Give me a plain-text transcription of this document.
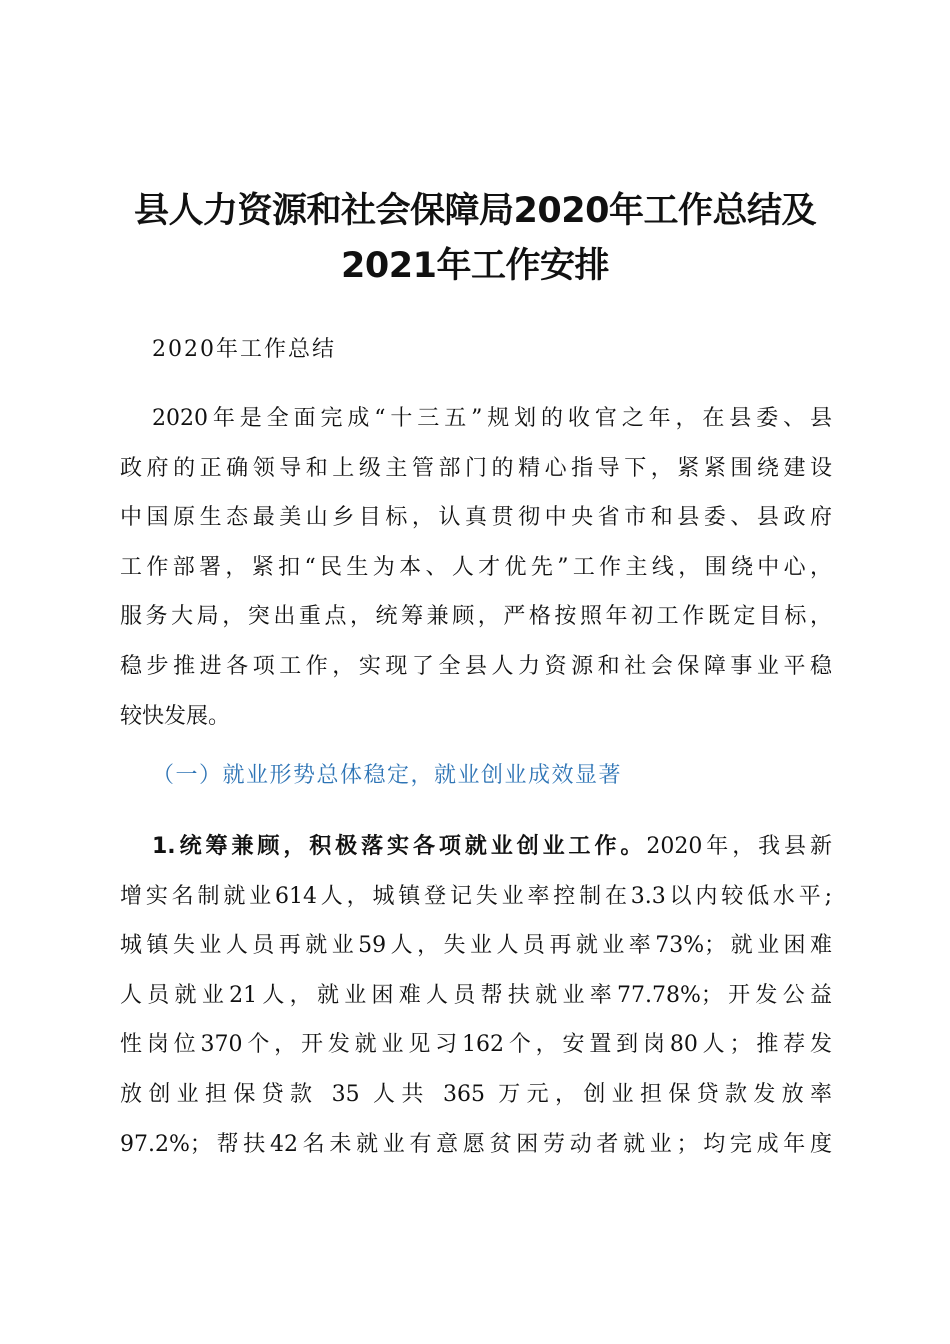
县人力资源和社会保障局2020年工作总结及
2021年工作安排
2020年工作总结
2020年是全面完成“十三五”规划的收官之年，在县委、县
政府的正确领导和上级主管部门的精心指导下，紧紧围绕建设
中国原生态最美山乡目标，认真贯彻中央省市和县委、县政府
工作部署，紧扣“民生为本、人才优先”工作主线，围绕中心，
服务大局，突出重点，统筹兼顾，严格按照年初工作既定目标，
稳步推进各项工作，实现了全县人力资源和社会保障事业平稳
较快发展。
（一）就业形势总体稳定，就业创业成效显著
1.统筹兼顾，积极落实各项就业创业工作。2020年，我县新
增实名制就业614人，城镇登记失业率控制在3.3以内较低水平;
城镇失业人员再就业59人，失业人员再就业率73%；就业困难
人员就业21人，就业困难人员帮扶就业率77.78%；开发公益
性岗位370个，开发就业见习162个，安置到岗80人；推荐发
放创业担保贷款 35 人共 365 万元，创业担保贷款发放率
97.2%；帮扶42名未就业有意愿贫困劳动者就业；均完成年度
